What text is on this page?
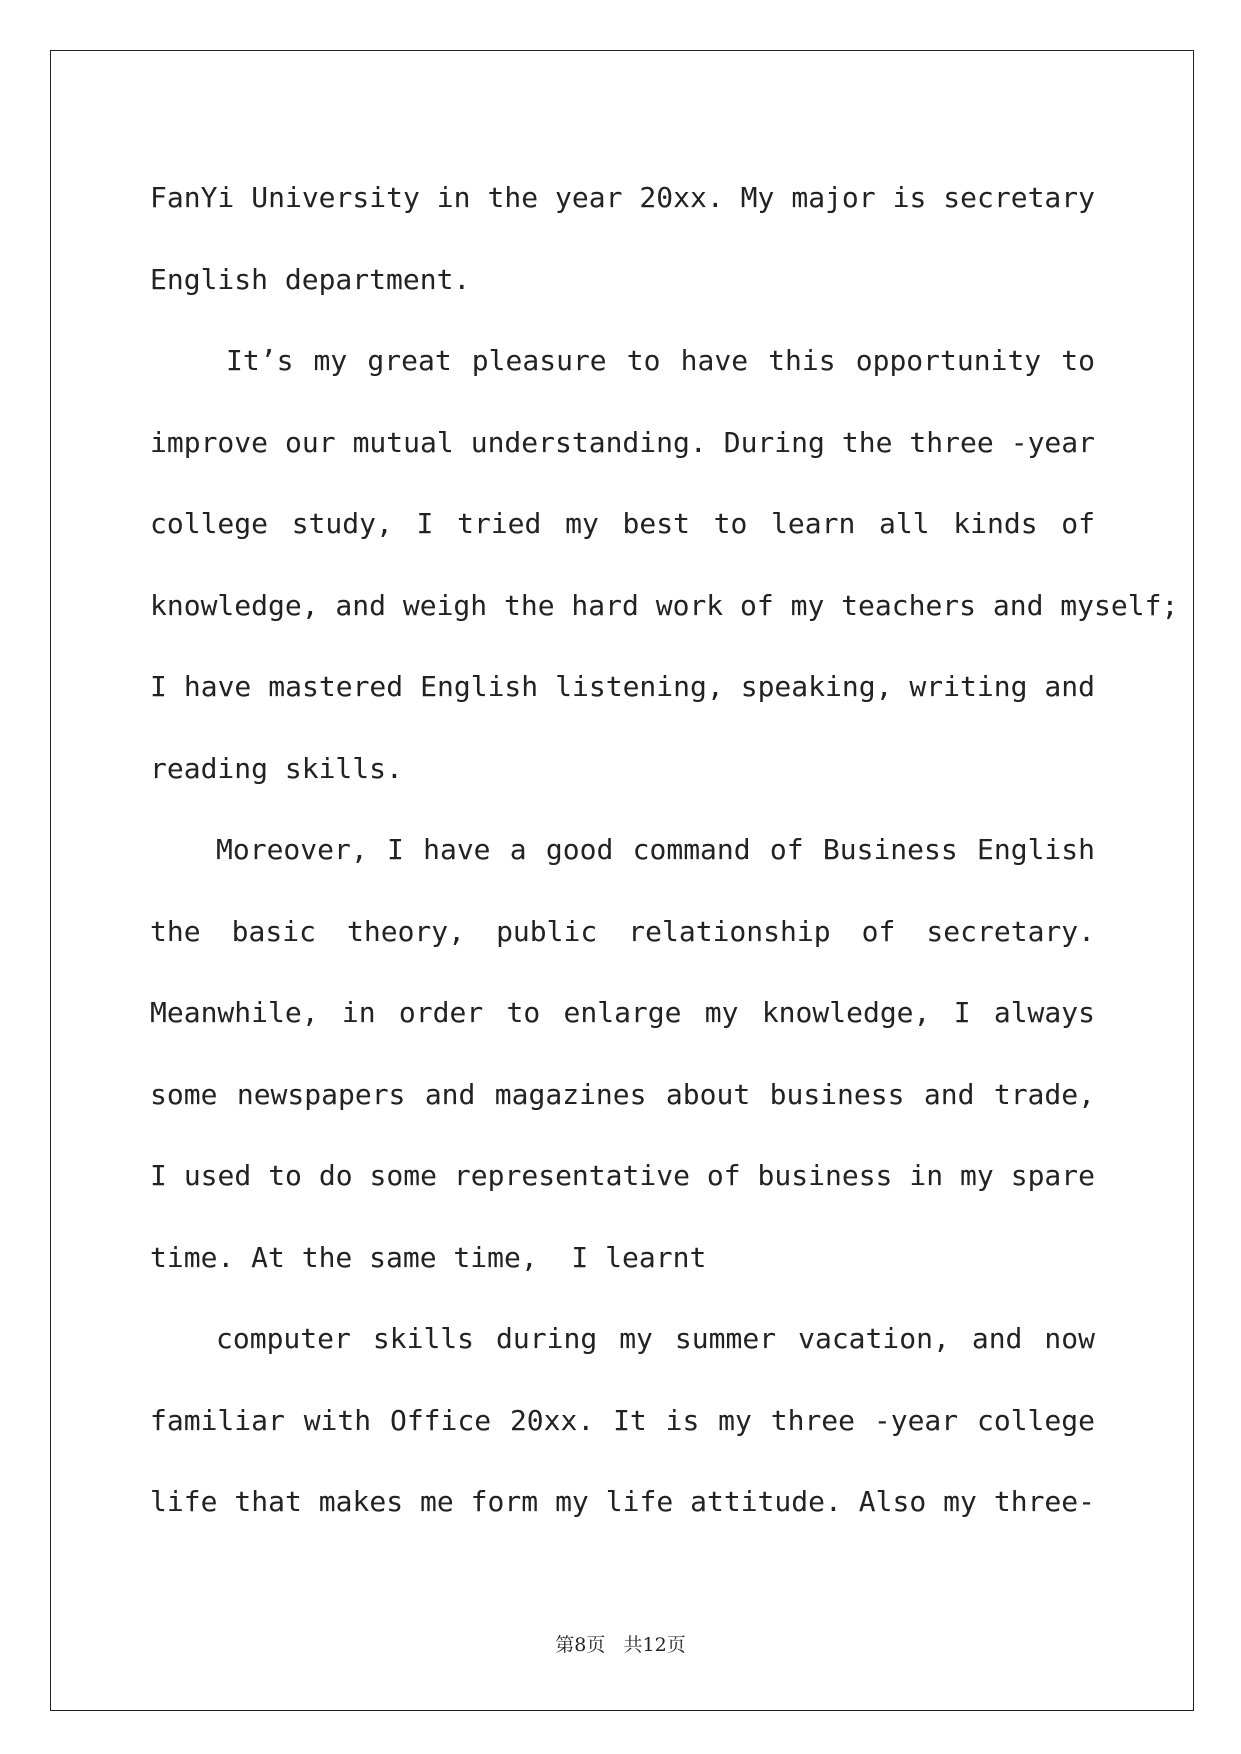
FanYi University in the year 20xx. My major is secretary
English department.
It’s my great pleasure to have this opportunity to
improve our mutual understanding. During the three -year
college study, I tried my best to learn all kinds of
knowledge, and weigh the hard work of my teachers and myself;
I have mastered English listening, speaking, writing and
reading skills.
Moreover, I have a good command of Business English
the basic theory, public relationship of secretary.
Meanwhile, in order to enlarge my knowledge, I always
some newspapers and magazines about business and trade,
I used to do some representative of business in my spare
time. At the same time,  I learnt
computer skills during my summer vacation, and now
familiar with Office 20xx. It is my three -year college
life that makes me form my life attitude. Also my three-
第8页 共12页
